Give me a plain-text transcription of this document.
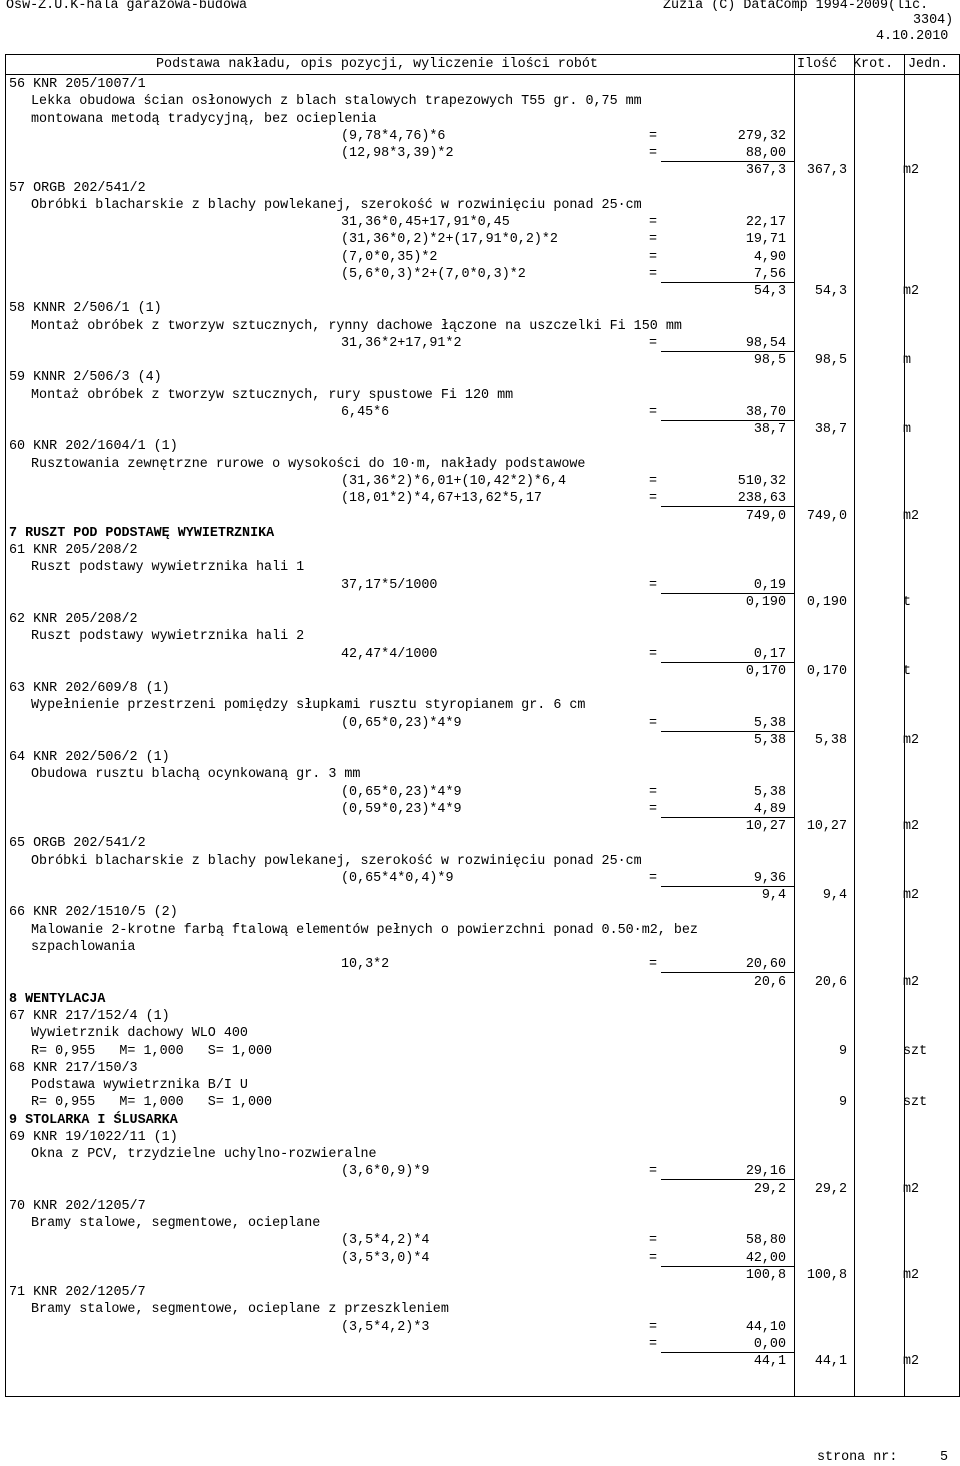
Ośw-Z.U.K-hala garażowa-budowa	Zuzia (C) DataComp 1994-2009(lic.
3304)
4.10.2010

Podstawa nakładu, opis pozycji, wyliczenie ilości robót

	Ilość

Krot.

Jedn.

56 KNR 205/1007/1
Lekka obudowa ścian osłonowych z blach stalowych trapezowych T55 gr. 0,75 mm
montowana metodą tradycyjną, bez ocieplenia
(9,78*4,76)*6	=	279,32
(12,98*3,39)*2	=	88,00
367,3 367,3	m2
57 ORGB 202/541/2
Obróbki blacharskie z blachy powlekanej, szerokość w rozwinięciu ponad 25·cm
31,36*0,45+17,91*0,45	=	22,17
(31,36*0,2)*2+(17,91*0,2)*2	=	19,71
(7,0*0,35)*2	=	4,90
(5,6*0,3)*2+(7,0*0,3)*2	=	7,56
54,3 54,3	m2
58 KNNR 2/506/1 (1)
Montaż obróbek z tworzyw sztucznych, rynny dachowe łączone na uszczelki Fi 150 mm
31,36*2+17,91*2	=	98,54
98,5 98,5	m
59 KNNR 2/506/3 (4)
Montaż obróbek z tworzyw sztucznych, rury spustowe Fi 120 mm
6,45*6	=	38,70
38,7 38,7	m
60 KNR 202/1604/1 (1)
Rusztowania zewnętrzne rurowe o wysokości do 10·m, nakłady podstawowe
(31,36*2)*6,01+(10,42*2)*6,4	=	510,32
(18,01*2)*4,67+13,62*5,17	=	238,63
749,0 749,0	m2
7 RUSZT POD PODSTAWĘ WYWIETRZNIKA
61 KNR 205/208/2
Ruszt podstawy wywietrznika hali 1
37,17*5/1000	=	0,19
0,190 0,190	t
62 KNR 205/208/2
Ruszt podstawy wywietrznika hali 2
42,47*4/1000	=	0,17
0,170 0,170	t
63 KNR 202/609/8 (1)
Wypełnienie przestrzeni pomiędzy słupkami rusztu styropianem gr. 6 cm
(0,65*0,23)*4*9	=	5,38
5,38 5,38	m2
64 KNR 202/506/2 (1)
Obudowa rusztu blachą ocynkowaną gr. 3 mm
(0,65*0,23)*4*9	=	5,38
(0,59*0,23)*4*9	=	4,89
10,27 10,27	m2
65 ORGB 202/541/2
Obróbki blacharskie z blachy powlekanej, szerokość w rozwinięciu ponad 25·cm
(0,65*4*0,4)*9	=	9,36
9,4	9,4	m2
66 KNR 202/1510/5 (2)
Malowanie 2-krotne farbą ftalową elementów pełnych o powierzchni ponad 0.50·m2, bez
szpachlowania
10,3*2	=	20,60
20,6 20,6	m2
8 WENTYLACJA
67 KNR 217/152/4 (1)
Wywietrznik dachowy WLO 400
R= 0,955   M= 1,000   S= 1,000	9	szt
68 KNR 217/150/3
Podstawa wywietrznika B/I U
R= 0,955   M= 1,000   S= 1,000	9	szt
9 STOLARKA I ŚLUSARKA
69 KNR 19/1022/11 (1)
Okna z PCV, trzydzielne uchylno-rozwieralne
(3,6*0,9)*9	=	29,16
29,2 29,2	m2
70 KNR 202/1205/7
Bramy stalowe, segmentowe, ocieplane
(3,5*4,2)*4	=	58,80
(3,5*3,0)*4	=	42,00
100,8 100,8	m2
71 KNR 202/1205/7
Bramy stalowe, segmentowe, ocieplane z przeszkleniem
(3,5*4,2)*3	=	44,10
=	0,00
44,1 44,1	m2
strona nr:	5
